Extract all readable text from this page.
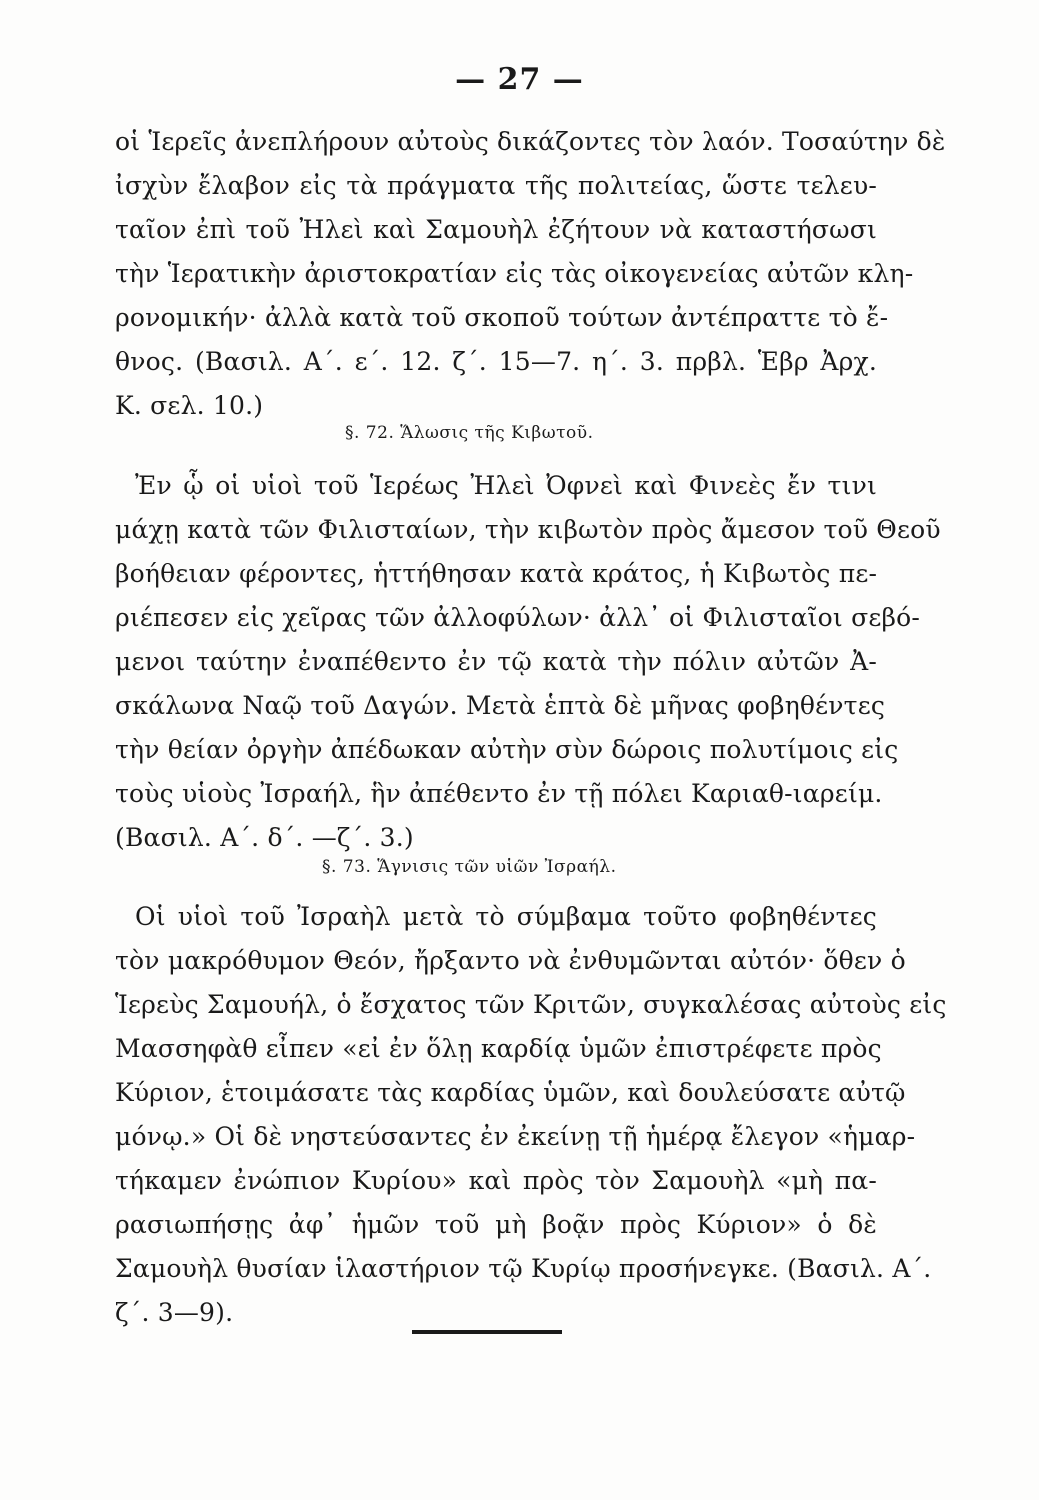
— 27 —
οἱ Ἱερεῖς ἀνεπλήρουν αὐτοὺς δικάζοντες τὸν λαόν. Τοσαύτην δὲ
ἰσχὺν ἔλαβον εἰς τὰ πράγματα τῆς πολιτείας, ὥστε τελευ-
ταῖον ἐπὶ τοῦ Ἠλεὶ καὶ Σαμουὴλ ἐζήτουν νὰ καταστήσωσι
τὴν Ἱερατικὴν ἀριστοκρατίαν εἰς τὰς οἰκογενείας αὐτῶν κλη-
ρονομικήν· ἀλλὰ κατὰ τοῦ σκοποῦ τούτων ἀντέπραττε τὸ ἔ-
θνος. (Βασιλ. Α΄. ε΄. 12. ζ΄. 15—7. η΄. 3. πρβλ. Ἑβρ Ἀρχ.
Κ. σελ. 10.)
§. 72. Ἅλωσις τῆς Κιβωτοῦ.
Ἐν ᾧ οἱ υἱοὶ τοῦ Ἱερέως Ἠλεὶ Ὀφνεὶ καὶ Φινεὲς ἔν τινι
μάχῃ κατὰ τῶν Φιλισταίων, τὴν κιβωτὸν πρὸς ἄμεσον τοῦ Θεοῦ
βοήθειαν φέροντες, ἡττήθησαν κατὰ κράτος, ἡ Κιβωτὸς πε-
ριέπεσεν εἰς χεῖρας τῶν ἀλλοφύλων· ἀλλ᾽ οἱ Φιλισταῖοι σεβό-
μενοι ταύτην ἐναπέθεντο ἐν τῷ κατὰ τὴν πόλιν αὐτῶν Ἀ-
σκάλωνα Ναῷ τοῦ Δαγών. Μετὰ ἑπτὰ δὲ μῆνας φοβηθέντες
τὴν θείαν ὀργὴν ἀπέδωκαν αὐτὴν σὺν δώροις πολυτίμοις εἰς
τοὺς υἱοὺς Ἰσραήλ, ἣν ἀπέθεντο ἐν τῇ πόλει Καριαθ-ιαρείμ.
(Βασιλ. Α΄. δ΄. —ζ΄. 3.)
§. 73. Ἅγνισις τῶν υἱῶν Ἰσραήλ.
Οἱ υἱοὶ τοῦ Ἰσραὴλ μετὰ τὸ σύμβαμα τοῦτο φοβηθέντες
τὸν μακρόθυμον Θεόν, ἤρξαντο νὰ ἐνθυμῶνται αὐτόν· ὅθεν ὁ
Ἱερεὺς Σαμουήλ, ὁ ἔσχατος τῶν Κριτῶν, συγκαλέσας αὐτοὺς εἰς
Μασσηφὰθ εἶπεν «εἰ ἐν ὅλῃ καρδίᾳ ὑμῶν ἐπιστρέφετε πρὸς
Κύριον, ἑτοιμάσατε τὰς καρδίας ὑμῶν, καὶ δουλεύσατε αὐτῷ
μόνῳ.» Οἱ δὲ νηστεύσαντες ἐν ἐκείνῃ τῇ ἡμέρᾳ ἔλεγον «ἡμαρ-
τήκαμεν ἐνώπιον Κυρίου» καὶ πρὸς τὸν Σαμουὴλ «μὴ πα-
ρασιωπήσῃς ἀφ᾽ ἡμῶν τοῦ μὴ βοᾷν πρὸς Κύριον» ὁ δὲ
Σαμουὴλ θυσίαν ἱλαστήριον τῷ Κυρίῳ προσήνεγκε. (Βασιλ. Α΄.
ζ΄. 3—9).
